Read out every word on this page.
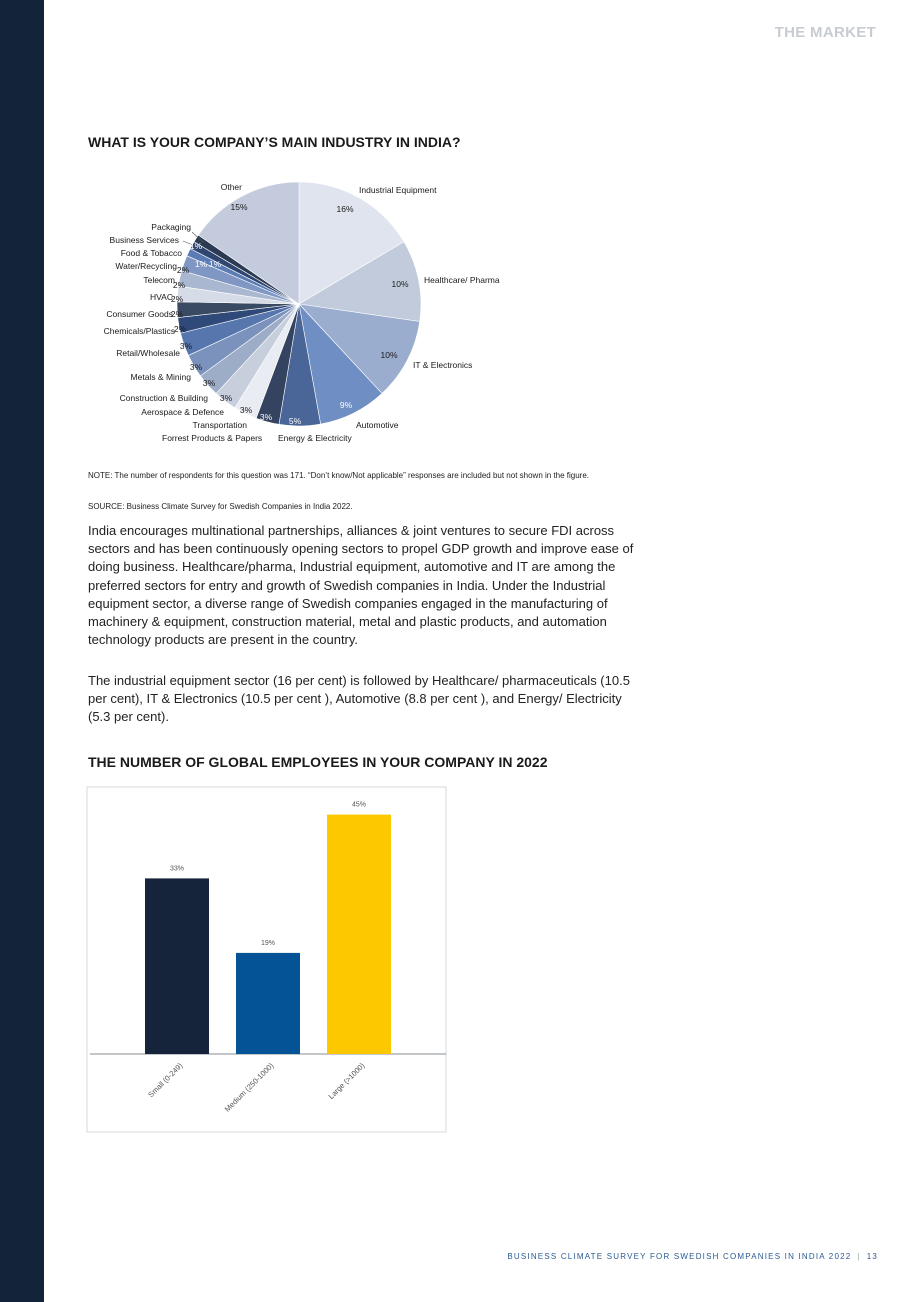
THE MARKET
WHAT IS YOUR COMPANY’S MAIN INDUSTRY IN INDIA?
Industrial Equipment
16%
Healthcare/ Pharma
10%
IT & Electronics
10%
Automotive
9%
Energy & Electricity
5%
Forrest Products & Papers
3%
Transportation
3%
Aerospace & Defence
3%
Construction & Building
3%
Metals & Mining
3%
Retail/Wholesale
3%
Chemicals/Plastics
2%
Consumer Goods
2%
HVAC
2%
Telecom
2%
Water/Recycling 2%
Food & Tobacco
1%
Business Services
1%
Packaging
1%
Other
15%

NOTE: The number of respondents for this question was 171. “Don’t know/Not applicable” responses are included but not shown in the figure.

SOURCE: Business Climate Survey for Swedish Companies in India 2022.

India encourages multinational partnerships, alliances & joint ventures to secure FDI across sectors and has been continuously opening sectors to propel GDP growth and improve ease of doing business. Healthcare/pharma, Industrial equipment, automotive and IT are among the preferred sectors for entry and growth of Swedish companies in India. Under the Industrial equipment sector, a diverse range of Swedish companies engaged in the manufacturing of machinery & equipment, construction material, metal and plastic products, and automation technology products are present in the country.

The industrial equipment sector (16 per cent) is followed by Healthcare/ pharmaceuticals (10.5 per cent), IT & Electronics (10.5 per cent ), Automotive (8.8 per cent ), and Energy/ Electricity (5.3 per cent).

THE NUMBER OF GLOBAL EMPLOYEES IN YOUR COMPANY IN 2022
33%
Small (0-249)
19%
Medium (250-1000)
45%
Large (>1000)
BUSINESS CLIMATE SURVEY FOR SWEDISH COMPANIES IN INDIA 2022 | 13
